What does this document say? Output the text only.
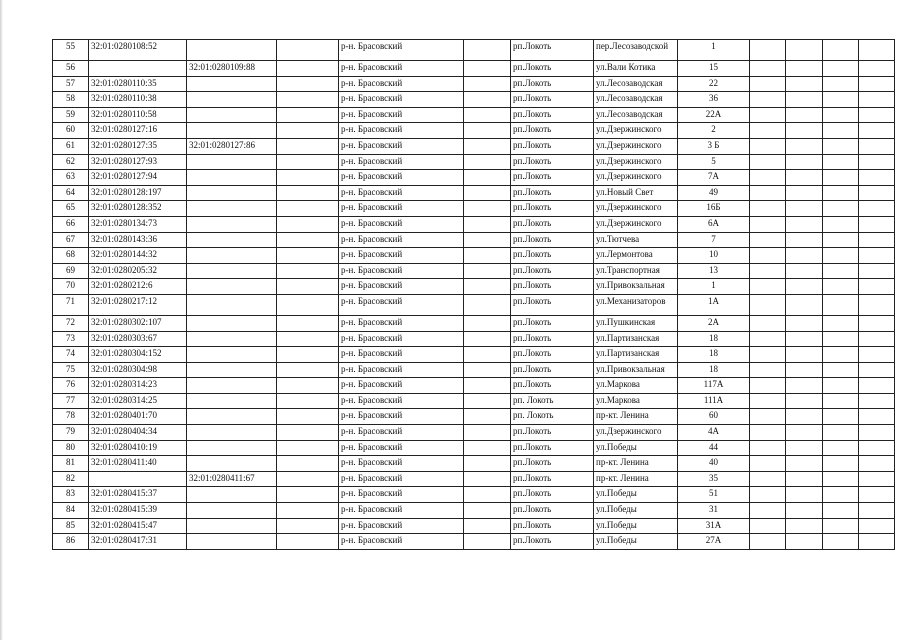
55	32:01:0280108:52			р-н. Брасовский		рп.Локоть	пер.Лесозаводской	1				
56		32:01:0280109:88		р-н. Брасовский		рп.Локоть	ул.Вали Котика	15				
57	32:01:0280110:35			р-н. Брасовский		рп.Локоть	ул.Лесозаводская	22				
58	32:01:0280110:38			р-н. Брасовский		рп.Локоть	ул.Лесозаводская	36				
59	32:01:0280110:58			р-н. Брасовский		рп.Локоть	ул.Лесозаводская	22А				
60	32:01:0280127:16			р-н. Брасовский		рп.Локоть	ул.Дзержинского	2				
61	32:01:0280127:35	32:01:0280127:86		р-н. Брасовский		рп.Локоть	ул.Дзержинского	3 Б				
62	32:01:0280127:93			р-н. Брасовский		рп.Локоть	ул.Дзержинского	5				
63	32:01:0280127:94			р-н. Брасовский		рп.Локоть	ул.Дзержинского	7А				
64	32:01:0280128:197			р-н. Брасовский		рп.Локоть	ул.Новый Свет	49				
65	32:01:0280128:352			р-н. Брасовский		рп.Локоть	ул.Дзержинского	16Б				
66	32:01:0280134:73			р-н. Брасовский		рп.Локоть	ул.Дзержинского	6А				
67	32:01:0280143:36			р-н. Брасовский		рп.Локоть	ул.Тютчева	7				
68	32:01:0280144:32			р-н. Брасовский		рп.Локоть	ул.Лермонтова	10				
69	32:01:0280205:32			р-н. Брасовский		рп.Локоть	ул.Транспортная	13				
70	32:01:0280212:6			р-н. Брасовский		рп.Локоть	ул.Привокзальная	1				
71	32:01:0280217:12			р-н. Брасовский		рп.Локоть	ул.Механизаторов	1А				
72	32:01:0280302:107			р-н. Брасовский		рп.Локоть	ул.Пушкинская	2А				
73	32:01:0280303:67			р-н. Брасовский		рп.Локоть	ул.Партизанская	18				
74	32:01:0280304:152			р-н. Брасовский		рп.Локоть	ул.Партизанская	18				
75	32:01:0280304:98			р-н. Брасовский		рп.Локоть	ул.Привокзальная	18				
76	32:01:0280314:23			р-н. Брасовский		рп.Локоть	ул.Маркова	117А				
77	32:01:0280314:25			р-н. Брасовский		рп. Локоть	ул.Маркова	111А				
78	32:01:0280401:70			р-н. Брасовский		рп. Локоть	пр-кт. Ленина	60				
79	32:01:0280404:34			р-н. Брасовский		рп.Локоть	ул.Дзержинского	4А				
80	32:01:0280410:19			р-н. Брасовский		рп.Локоть	ул.Победы	44				
81	32:01:0280411:40			р-н. Брасовский		рп.Локоть	пр-кт. Ленина	40				
82		32:01:0280411:67		р-н. Брасовский		рп.Локоть	пр-кт. Ленина	35				
83	32:01:0280415:37			р-н. Брасовский		рп.Локоть	ул.Победы	51				
84	32:01:0280415:39			р-н. Брасовский		рп.Локоть	ул.Победы	31				
85	32:01:0280415:47			р-н. Брасовский		рп.Локоть	ул.Победы	31А				
86	32:01:0280417:31			р-н. Брасовский		рп.Локоть	ул.Победы	27А				
